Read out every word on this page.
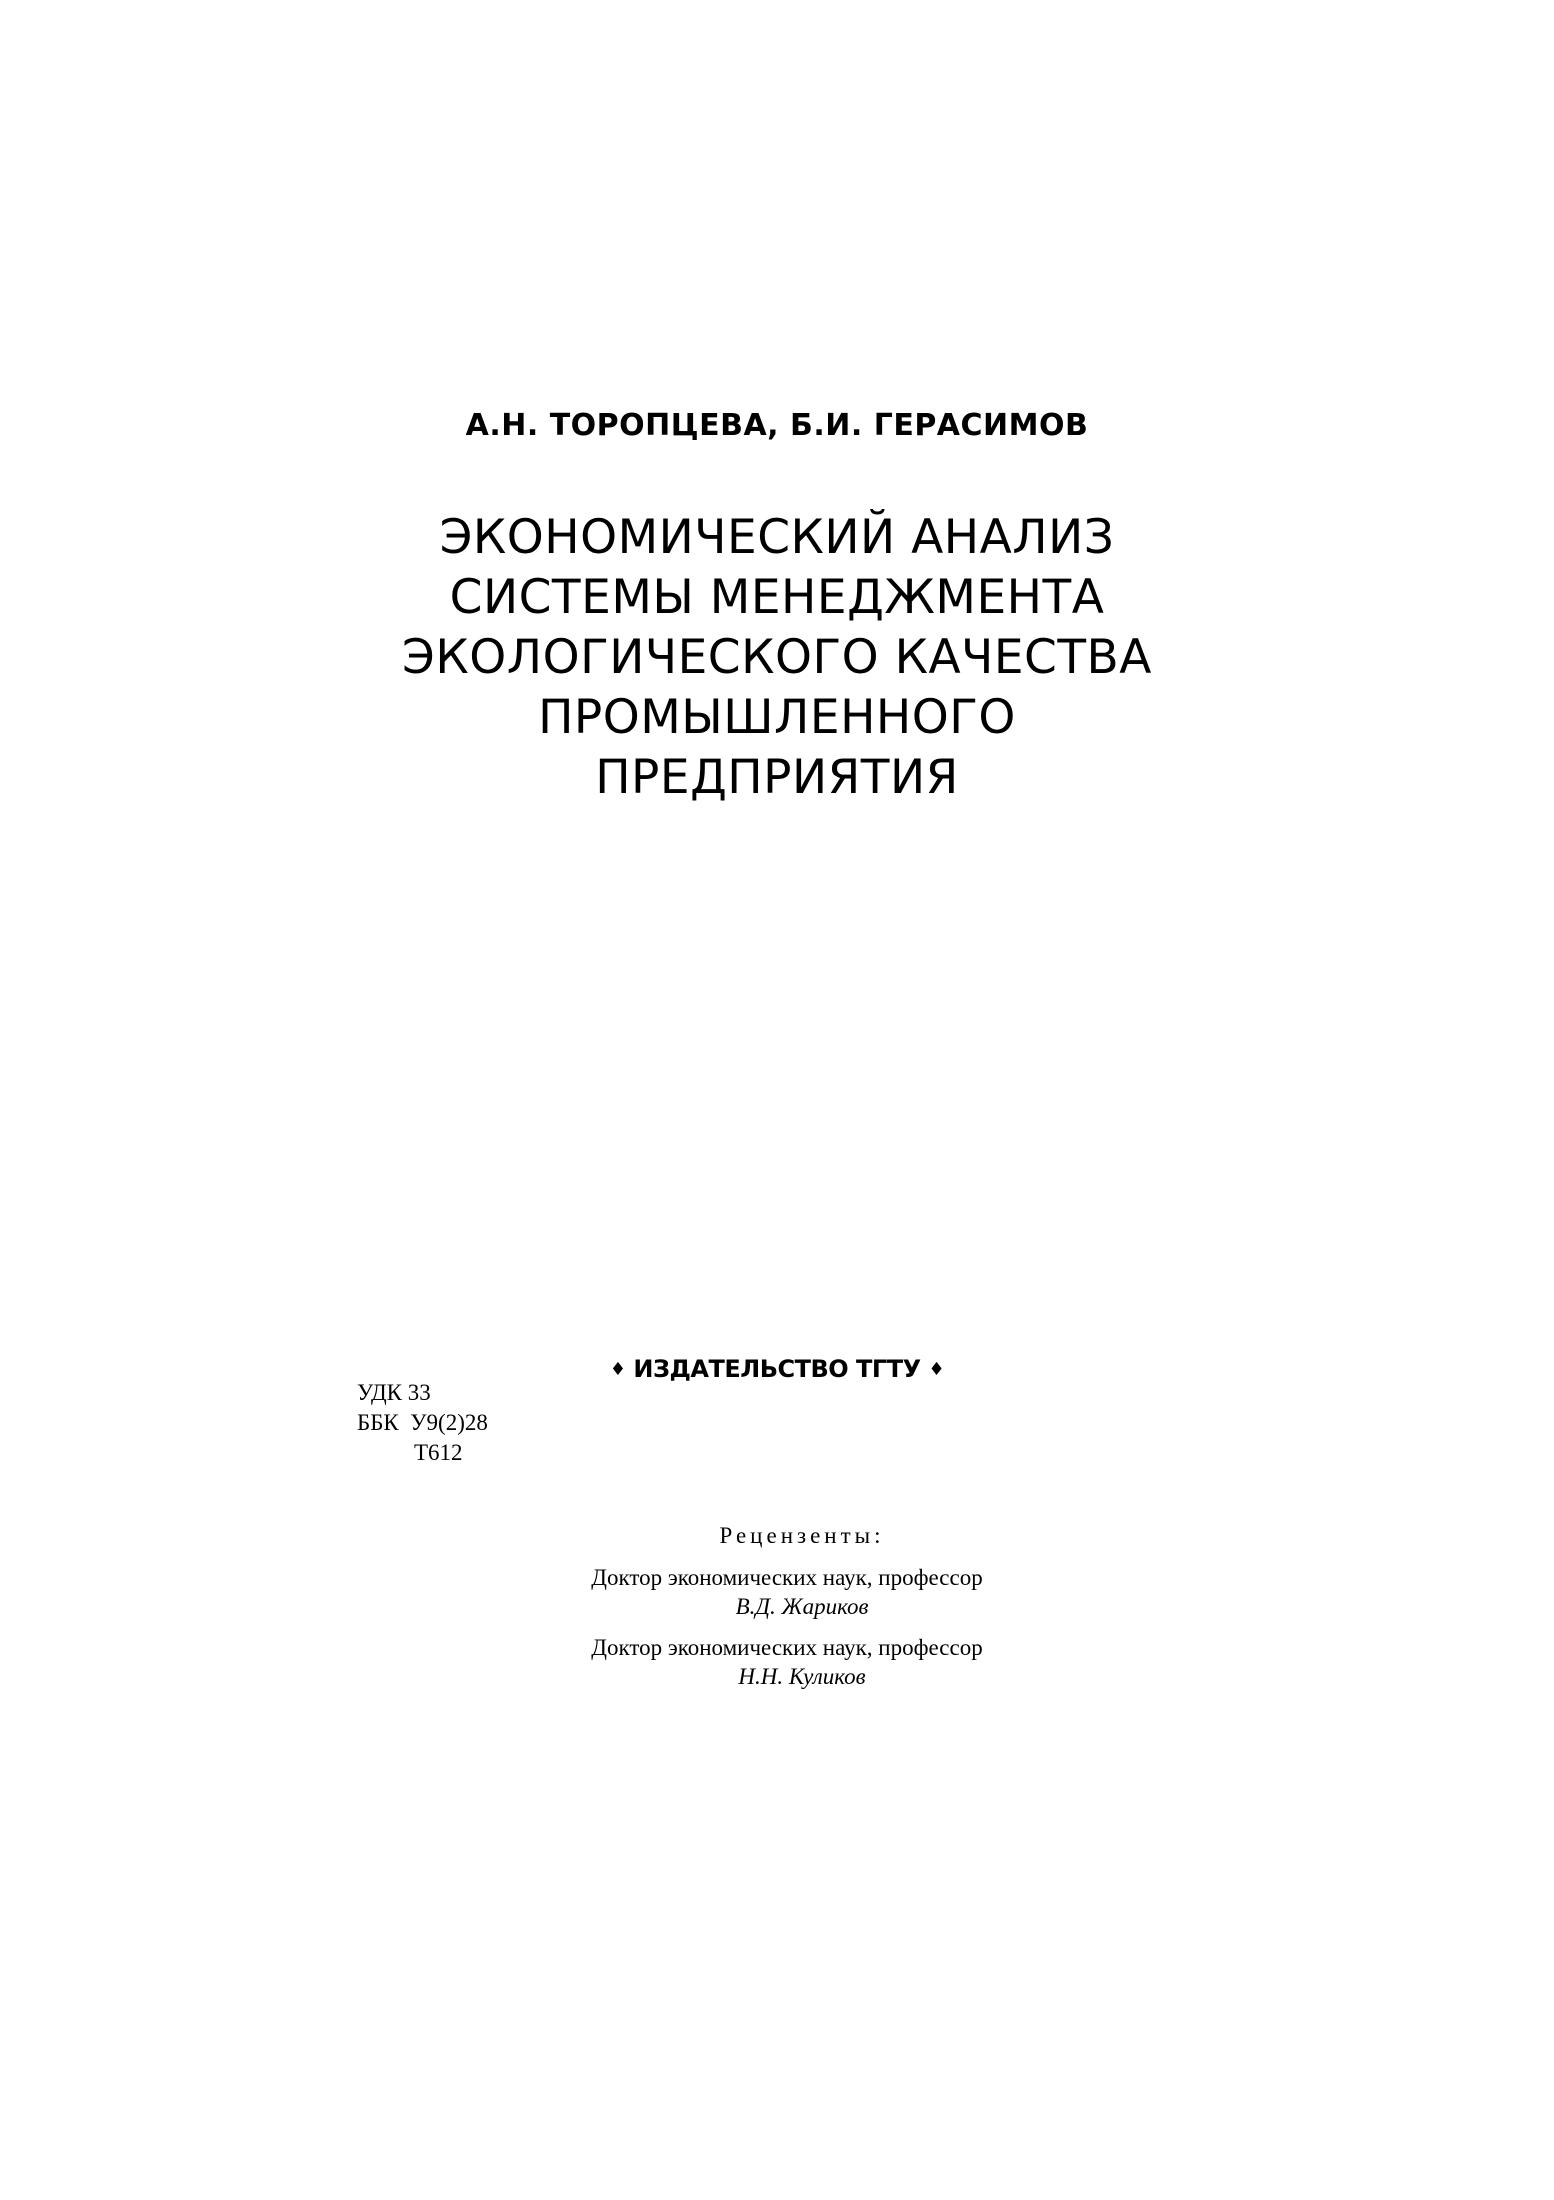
А.Н. ТОРОПЦЕВА, Б.И. ГЕРАСИМОВ
ЭКОНОМИЧЕСКИЙ АНАЛИЗ
СИСТЕМЫ МЕНЕДЖМЕНТА
ЭКОЛОГИЧЕСКОГО КАЧЕСТВА
ПРОМЫШЛЕННОГО
ПРЕДПРИЯТИЯ
♦ ИЗДАТЕЛЬСТВО ТГТУ ♦
УДК 33
ББК  У9(2)28
Т612
Рецензенты:
Доктор экономических наук, профессор
В.Д. Жариков
Доктор экономических наук, профессор
Н.Н. Куликов
